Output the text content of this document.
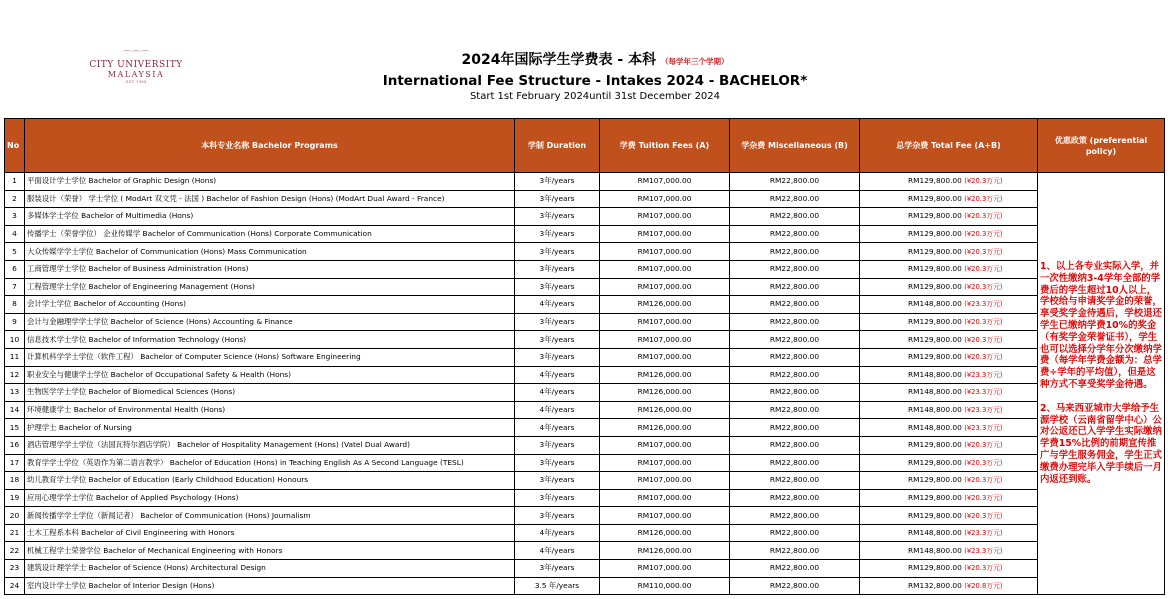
⌒⌒⌒
CITY UNIVERSITY
MALAYSIA
EST. 1984
2024年国际学生学费表 - 本科 （每学年三个学期）
International Fee Structure - Intakes 2024 - BACHELOR*
Start 1st February 2024until 31st December 2024
No	本科专业名称 Bachelor Programs	学制 Duration	学费 Tuition Fees (A)	学杂费 Miscellaneous (B)	总学杂费 Total Fee (A+B)	优惠政策 (preferential policy)
1	平面设计学士学位 Bachelor of Graphic Design (Hons)	3年/years	RM107,000.00	RM22,800.00	RM129,800.00 (¥20.3万元)	1、以上各专业实际入学，并一次性缴纳3-4学年全部的学费后的学生超过10人以上，学校给与申请奖学金的荣誉，享受奖学金待遇后，学校退还学生已缴纳学费10%的奖金（有奖学金荣誉证书），学生也可以选择分学年分次缴纳学费（每学年学费金额为：总学费÷学年的平均值），但是这种方式不享受奖学金待遇。

2、马来西亚城市大学给予生源学校（云南省留学中心）公对公返还已入学学生实际缴纳学费15%比例的前期宣传推广与学生服务佣金，学生正式缴费办理完毕入学手续后一月内返还到账。

2	服装设计（荣誉） 学士学位 ( ModArt 双文凭 - 法国 ) Bachelor of Fashion Design (Hons) (ModArt Dual Award - France)	3年/years	RM107,000.00	RM22,800.00	RM129,800.00 (¥20.3万元)	
3	多媒体学士学位 Bachelor of Multimedia (Hons)	3年/years	RM107,000.00	RM22,800.00	RM129,800.00 (¥20.3万元)	
4	传播学士（荣誉学位） 企业传媒学 Bachelor of Communication (Hons) Corporate Communication	3年/years	RM107,000.00	RM22,800.00	RM129,800.00 (¥20.3万元)	
5	大众传媒学学士学位 Bachelor of Communication (Hons) Mass Communication	3年/years	RM107,000.00	RM22,800.00	RM129,800.00 (¥20.3万元)	
6	工商管理学士学位 Bachelor of Business Administration (Hons)	3年/years	RM107,000.00	RM22,800.00	RM129,800.00 (¥20.3万元)	
7	工程管理学士学位 Bachelor of Engineering Management (Hons)	3年/years	RM107,000.00	RM22,800.00	RM129,800.00 (¥20.3万元)	
8	会计学士学位 Bachelor of Accounting (Hons)	4年/years	RM126,000.00	RM22,800.00	RM148,800.00 (¥23.3万元)	
9	会计与金融理学学士学位 Bachelor of Science (Hons) Accounting & Finance	3年/years	RM107,000.00	RM22,800.00	RM129,800.00 (¥20.3万元)	
10	信息技术学士学位 Bachelor of Information Technology (Hons)	3年/years	RM107,000.00	RM22,800.00	RM129,800.00 (¥20.3万元)	
11	计算机科学学士学位（软件工程） Bachelor of Computer Science (Hons) Software Engineering	3年/years	RM107,000.00	RM22,800.00	RM129,800.00 (¥20.3万元)	
12	职业安全与健康学士学位 Bachelor of Occupational Safety & Health (Hons)	4年/years	RM126,000.00	RM22,800.00	RM148,800.00 (¥23.3万元)	
13	生物医学学士学位 Bachelor of Biomedical Sciences (Hons)	4年/years	RM126,000.00	RM22,800.00	RM148,800.00 (¥23.3万元)	
14	环境健康学士 Bachelor of Environmental Health (Hons)	4年/years	RM126,000.00	RM22,800.00	RM148,800.00 (¥23.3万元)	
15	护理学士 Bachelor of Nursing	4年/years	RM126,000.00	RM22,800.00	RM148,800.00 (¥23.3万元)	
16	酒店管理学学士学位（法国瓦特尔酒店学院） Bachelor of Hospitality Management (Hons) (Vatel Dual Award)	3年/years	RM107,000.00	RM22,800.00	RM129,800.00 (¥20.3万元)	
17	教育学学士学位（英语作为第二语言教学） Bachelor of Education (Hons) in Teaching English As A Second Language (TESL)	3年/years	RM107,000.00	RM22,800.00	RM129,800.00 (¥20.3万元)	
18	幼儿教育学士学位 Bachelor of Education (Early Childhood Education) Honours	3年/years	RM107,000.00	RM22,800.00	RM129,800.00 (¥20.3万元)	
19	应用心理学学士学位 Bachelor of Applied Psychology (Hons)	3年/years	RM107,000.00	RM22,800.00	RM129,800.00 (¥20.3万元)	
20	新闻传播学学士学位（新闻记者） Bachelor of Communication (Hons) Journalism	3年/years	RM107,000.00	RM22,800.00	RM129,800.00 (¥20.3万元)	
21	土木工程系本科 Bachelor of Civil Engineering with Honors	4年/years	RM126,000.00	RM22,800.00	RM148,800.00 (¥23.3万元)	
22	机械工程学士荣誉学位 Bachelor of Mechanical Engineering with Honors	4年/years	RM126,000.00	RM22,800.00	RM148,800.00 (¥23.3万元)	
23	建筑设计理学学士 Bachelor of Science (Hons) Architectural Design	3年/years	RM107,000.00	RM22,800.00	RM129,800.00 (¥20.3万元)	
24	室内设计学士学位 Bachelor of Interior Design (Hons)	3.5 年/years	RM110,000.00	RM22,800.00	RM132,800.00 (¥20.8万元)	
